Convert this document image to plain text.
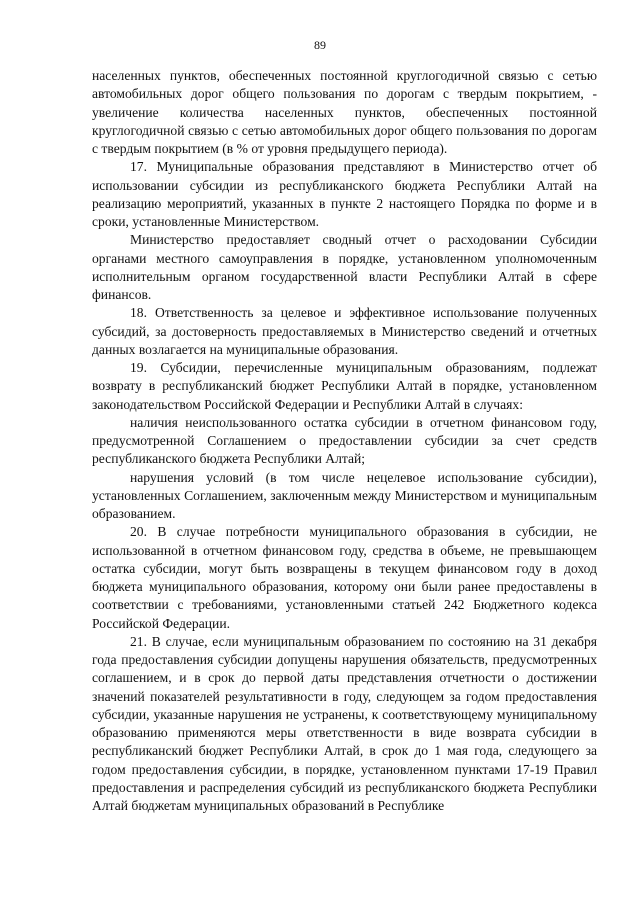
89

населенных пунктов, обеспеченных постоянной круглогодичной связью с сетью автомобильных дорог общего пользования по дорогам с твердым покрытием, - увеличение количества населенных пунктов, обеспеченных постоянной круглогодичной связью с сетью автомобильных дорог общего пользования по дорогам с твердым покрытием (в % от уровня предыдущего периода).

17. Муниципальные образования представляют в Министерство отчет об использовании субсидии из республиканского бюджета Республики Алтай на реализацию мероприятий, указанных в пункте 2 настоящего Порядка по форме и в сроки, установленные Министерством.

Министерство предоставляет сводный отчет о расходовании Субсидии органами местного самоуправления в порядке, установленном уполномоченным исполнительным органом государственной власти Республики Алтай в сфере финансов.

18. Ответственность за целевое и эффективное использование полученных субсидий, за достоверность предоставляемых в Министерство сведений и отчетных данных возлагается на муниципальные образования.

19. Субсидии, перечисленные муниципальным образованиям, подлежат возврату в республиканский бюджет Республики Алтай в порядке, установленном законодательством Российской Федерации и Республики Алтай в случаях:

наличия неиспользованного остатка субсидии в отчетном финансовом году, предусмотренной Соглашением о предоставлении субсидии за счет средств республиканского бюджета Республики Алтай;

нарушения условий (в том числе нецелевое использование субсидии), установленных Соглашением, заключенным между Министерством и муниципальным образованием.

20. В случае потребности муниципального образования в субсидии, не использованной в отчетном финансовом году, средства в объеме, не превышающем остатка субсидии, могут быть возвращены в текущем финансовом году в доход бюджета муниципального образования, которому они были ранее предоставлены в соответствии с требованиями, установленными статьей 242 Бюджетного кодекса Российской Федерации.

21. В случае, если муниципальным образованием по состоянию на 31 декабря года предоставления субсидии допущены нарушения обязательств, предусмотренных соглашением, и в срок до первой даты представления отчетности о достижении значений показателей результативности в году, следующем за годом предоставления субсидии, указанные нарушения не устранены, к соответствующему муниципальному образованию применяются меры ответственности в виде возврата субсидии в республиканский бюджет Республики Алтай, в срок до 1 мая года, следующего за годом предоставления субсидии, в порядке, установленном пунктами 17-19 Правил предоставления и распределения субсидий из республиканского бюджета Республики Алтай бюджетам муниципальных образований в Республике
